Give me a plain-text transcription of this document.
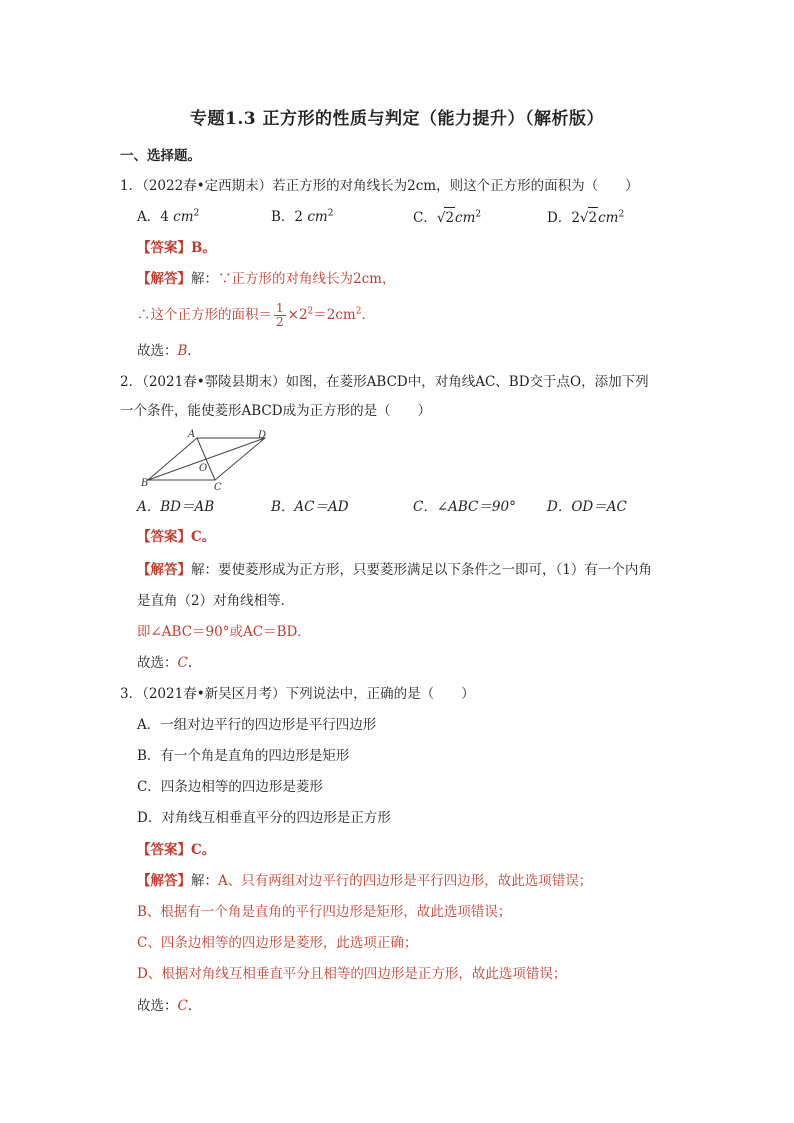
专题1.3 正方形的性质与判定（能力提升）（解析版）
一、选择题。
1．（2022春•定西期末）若正方形的对角线长为2cm，则这个正方形的面积为（　　）
A．4 $cm^2$	B．2 $cm^2$	C．$√2cm^2$	D．$2√2cm^2$
【答案】B。
【解答】解：∵正方形的对角线长为2cm，
∴这个正方形的面积＝ $\frac{1}{2} \times 2^2=2cm^2$．
故选：B．
2．（2021春•鄠陵县期末）如图，在菱形ABCD中，对角线AC、BD交于点O，添加下列
一个条件，能使菱形ABCD成为正方形的是（　　）
A
B	C
D
O
A．BD＝AB	B．AC＝AD	C．∠ABC＝90° D．OD＝AC
【答案】C。
【解答】解：要使菱形成为正方形，只要菱形满足以下条件之一即可，（1）有一个内角
是直角（2）对角线相等．
即∠ABC＝90°或AC＝BD．
故选：C．
3．（2021春•新吴区月考）下列说法中，正确的是（　　）
A．一组对边平行的四边形是平行四边形
B．有一个角是直角的四边形是矩形
C．四条边相等的四边形是菱形
D．对角线互相垂直平分的四边形是正方形
【答案】C。
【解答】解：A、只有两组对边平行的四边形是平行四边形，故此选项错误；
B、根据有一个角是直角的平行四边形是矩形，故此选项错误；
C、四条边相等的四边形是菱形，此选项正确；
D、根据对角线互相垂直平分且相等的四边形是正方形，故此选项错误；
故选：C．
